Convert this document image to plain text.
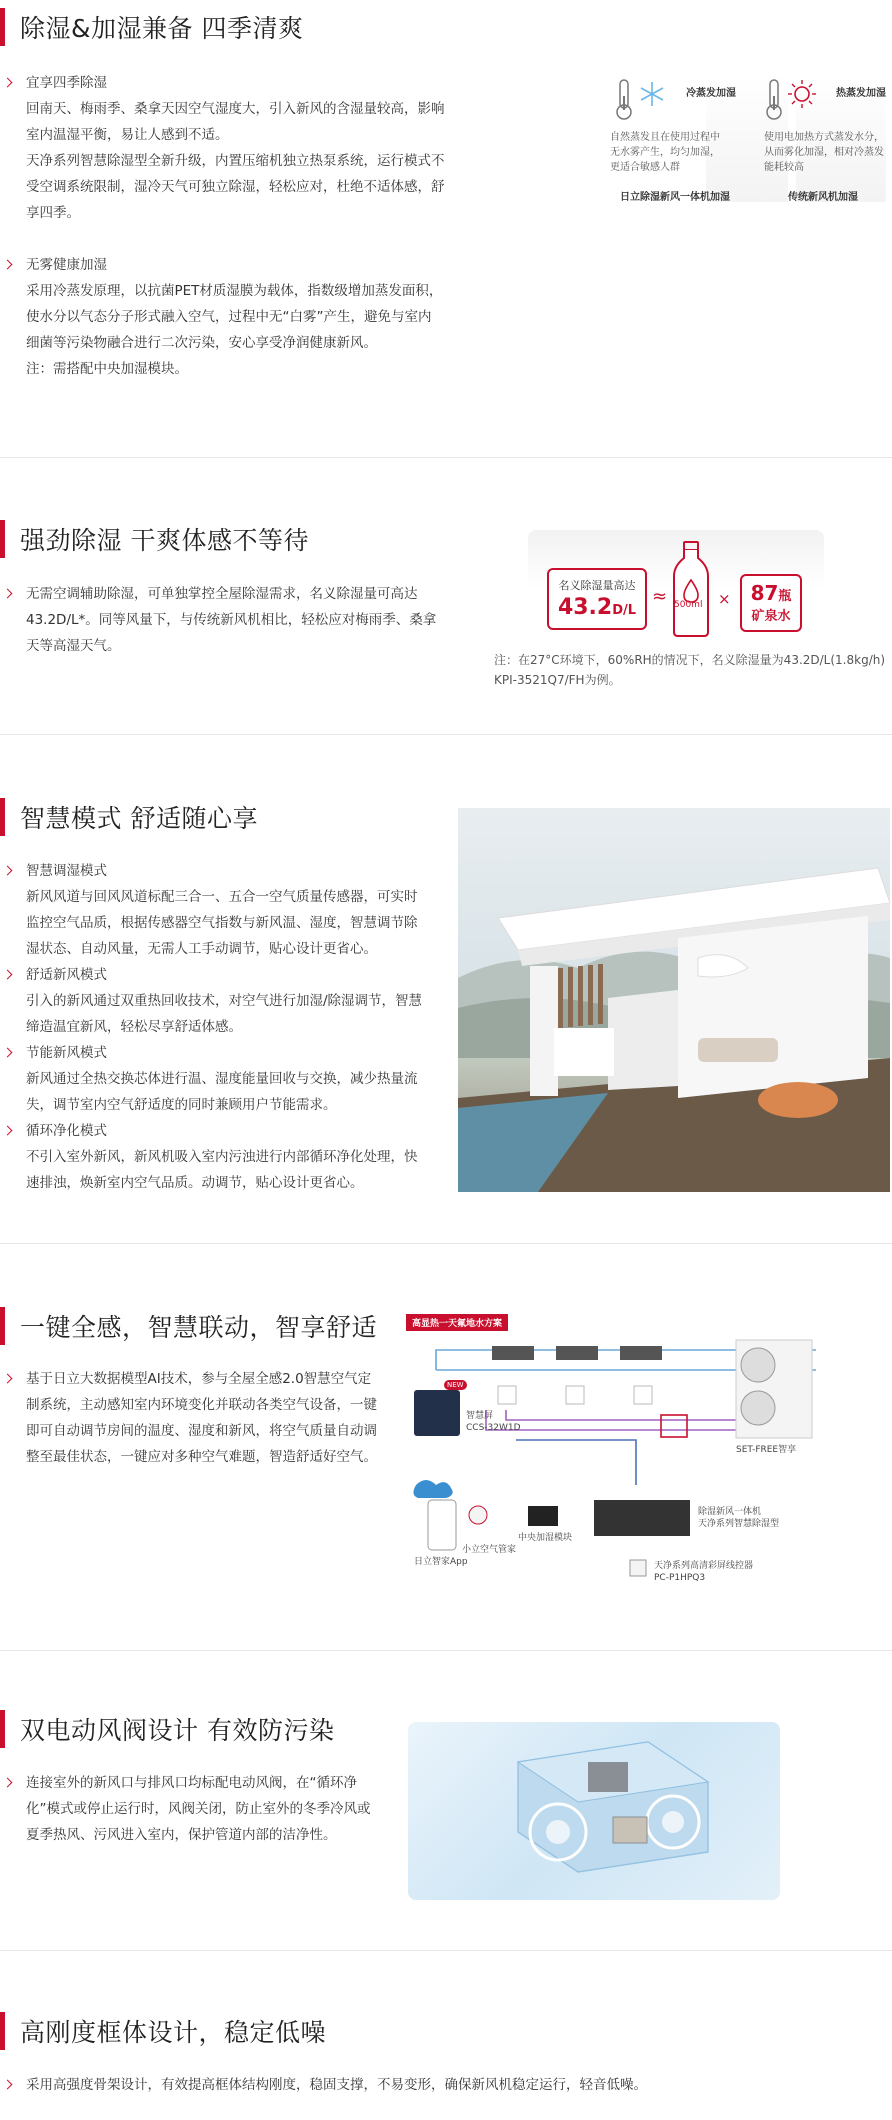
除湿&加湿兼备 四季清爽
宜享四季除湿
回南天、梅雨季、桑拿天因空气湿度大，引入新风的含湿量较高，影响
室内温湿平衡，易让人感到不适。
天净系列智慧除湿型全新升级，内置压缩机独立热泵系统，运行模式不
受空调系统限制，湿冷天气可独立除湿，轻松应对，杜绝不适体感，舒
享四季。
无雾健康加湿
采用冷蒸发原理，以抗菌PET材质湿膜为载体，指数级增加蒸发面积，
使水分以气态分子形式融入空气，过程中无“白雾”产生，避免与室内
细菌等污染物融合进行二次污染，安心享受净润健康新风。
注：需搭配中央加湿模块。
冷蒸发加湿	热蒸发加湿
自然蒸发且在使用过程中
无水雾产生，均匀加湿，
更适合敏感人群
使用电加热方式蒸发水分，
从而雾化加湿，相对冷蒸发
能耗较高
日立除湿新风一体机加湿	传统新风机加湿
强劲除湿 干爽体感不等待
无需空调辅助除湿，可单独掌控全屋除湿需求，名义除湿量可高达
43.2D/L*。同等风量下，与传统新风机相比，轻松应对梅雨季、桑拿
天等高湿天气。
名义除湿量高达
43.2D/L
≈ 500ml × 87瓶
矿泉水
注：在27°C环境下，60%RH的情况下，名义除湿量为43.2D/L(1.8kg/h)
KPI-3521Q7/FH为例。
智慧模式 舒适随心享
智慧调湿模式
新风风道与回风风道标配三合一、五合一空气质量传感器，可实时
监控空气品质，根据传感器空气指数与新风温、湿度，智慧调节除
湿状态、自动风量，无需人工手动调节，贴心设计更省心。
舒适新风模式
引入的新风通过双重热回收技术，对空气进行加湿/除湿调节，智慧
缔造温宜新风，轻松尽享舒适体感。
节能新风模式
新风通过全热交换芯体进行温、湿度能量回收与交换，减少热量流
失，调节室内空气舒适度的同时兼顾用户节能需求。
循环净化模式
不引入室外新风，新风机吸入室内污浊进行内部循环净化处理，快
速排浊，焕新室内空气品质。动调节，贴心设计更省心。
一键全感，智慧联动，智享舒适
基于日立大数据模型AI技术，参与全屋全感2.0智慧空气定
制系统，主动感知室内环境变化并联动各类空气设备，一键
即可自动调节房间的温度、湿度和新风，将空气质量自动调
整至最佳状态，一键应对多种空气难题，智造舒适好空气。
高显热一天氟地水方案
NEW
智慧屏
CCS-32W1D
SET-FREE智享
除湿新风一体机
天净系列智慧除湿型
中央加湿模块
日立智家App
小立空气管家
天净系列高清彩屏线控器
PC-P1HPQ3
双电动风阀设计 有效防污染
连接室外的新风口与排风口均标配电动风阀，在“循环净
化”模式或停止运行时，风阀关闭，防止室外的冬季冷风或
夏季热风、污风进入室内，保护管道内部的洁净性。
高刚度框体设计，稳定低噪
采用高强度骨架设计，有效提高框体结构刚度，稳固支撑，不易变形，确保新风机稳定运行，轻音低噪。
